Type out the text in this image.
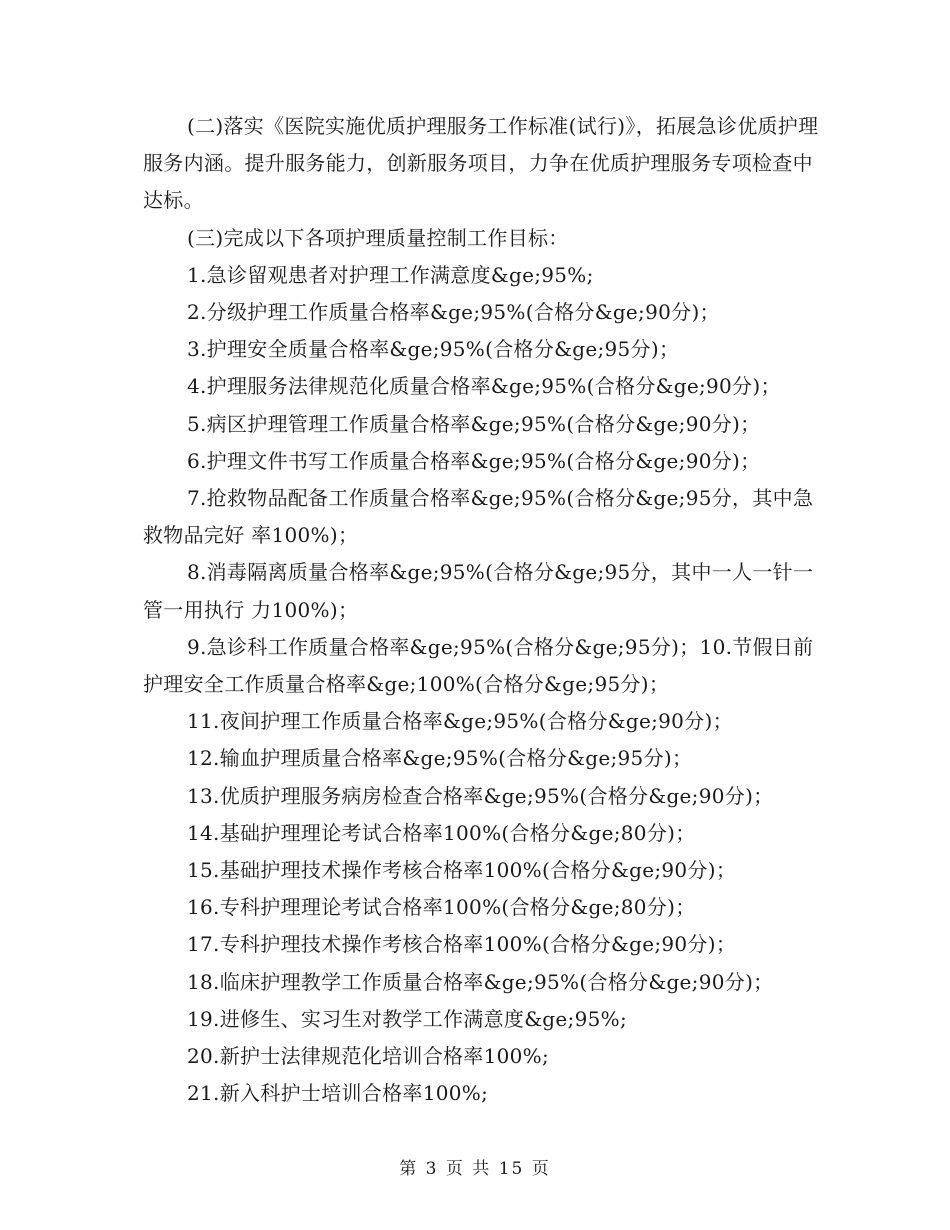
(二)落实《医院实施优质护理服务工作标准(试行)》，拓展急诊优质护理服务内涵。提升服务能力，创新服务项目，力争在优质护理服务专项检查中达标。

(三)完成以下各项护理质量控制工作目标：

1.急诊留观患者对护理工作满意度&ge;95%;

2.分级护理工作质量合格率&ge;95%(合格分&ge;90分)；

3.护理安全质量合格率&ge;95%(合格分&ge;95分)；

4.护理服务法律规范化质量合格率&ge;95%(合格分&ge;90分)；

5.病区护理管理工作质量合格率&ge;95%(合格分&ge;90分)；

6.护理文件书写工作质量合格率&ge;95%(合格分&ge;90分)；

7.抢救物品配备工作质量合格率&ge;95%(合格分&ge;95分，其中急救物品完好 率100%)；

8.消毒隔离质量合格率&ge;95%(合格分&ge;95分，其中一人一针一管一用执行 力100%)；

9.急诊科工作质量合格率&ge;95%(合格分&ge;95分)；10.节假日前护理安全工作质量合格率&ge;100%(合格分&ge;95分)；

11.夜间护理工作质量合格率&ge;95%(合格分&ge;90分)；

12.输血护理质量合格率&ge;95%(合格分&ge;95分)；

13.优质护理服务病房检查合格率&ge;95%(合格分&ge;90分)；

14.基础护理理论考试合格率100%(合格分&ge;80分)；

15.基础护理技术操作考核合格率100%(合格分&ge;90分)；

16.专科护理理论考试合格率100%(合格分&ge;80分)；

17.专科护理技术操作考核合格率100%(合格分&ge;90分)；

18.临床护理教学工作质量合格率&ge;95%(合格分&ge;90分)；

19.进修生、实习生对教学工作满意度&ge;95%;

20.新护士法律规范化培训合格率100%;

21.新入科护士培训合格率100%;

第 3 页 共 15 页
